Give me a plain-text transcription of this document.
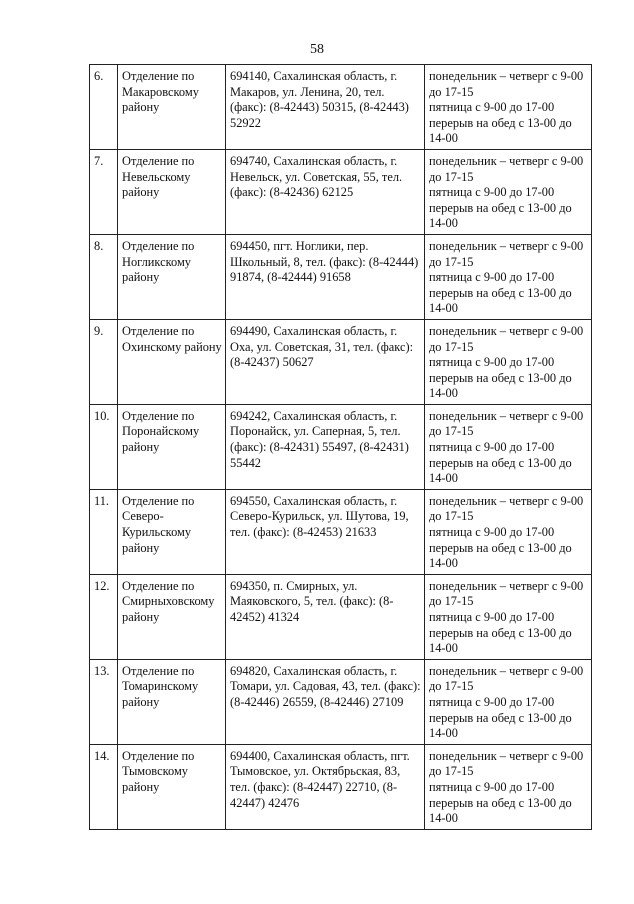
58
6.	Отделение по Макаровскому району	694140, Сахалинская область, г. Макаров, ул. Ленина, 20, тел. (факс): (8-42443) 50315, (8-42443) 52922	понедельник – четверг с 9-00 до 17-15
пятница с 9-00 до 17-00
перерыв на обед с 13-00 до 14-00

7.	Отделение по Невельскому району	694740, Сахалинская область, г. Невельск, ул. Советская, 55, тел. (факс): (8-42436) 62125	понедельник – четверг с 9-00 до 17-15
пятница с 9-00 до 17-00
перерыв на обед с 13-00 до 14-00

8.	Отделение по Ногликскому району	694450, пгт. Ноглики, пер. Школьный, 8, тел. (факс): (8-42444) 91874, (8-42444) 91658	понедельник – четверг с 9-00 до 17-15
пятница с 9-00 до 17-00
перерыв на обед с 13-00 до 14-00

9.	Отделение по Охинскому району	694490, Сахалинская область, г. Оха, ул. Советская, 31, тел. (факс): (8-42437) 50627	понедельник – четверг с 9-00 до 17-15
пятница с 9-00 до 17-00
перерыв на обед с 13-00 до 14-00

10.	Отделение по Поронайскому району	694242, Сахалинская область, г. Поронайск, ул. Саперная, 5, тел. (факс): (8-42431) 55497, (8-42431) 55442	понедельник – четверг с 9-00 до 17-15
пятница с 9-00 до 17-00
перерыв на обед с 13-00 до 14-00

11.	Отделение по Северо-Курильскому району	694550, Сахалинская область, г. Северо-Курильск, ул. Шутова, 19, тел. (факс): (8-42453) 21633	понедельник – четверг с 9-00 до 17-15
пятница с 9-00 до 17-00
перерыв на обед с 13-00 до 14-00

12.	Отделение по Смирныховскому району	694350, п. Смирных, ул. Маяковского, 5, тел. (факс): (8-42452) 41324	понедельник – четверг с 9-00 до 17-15
пятница с 9-00 до 17-00
перерыв на обед с 13-00 до 14-00

13.	Отделение по Томаринскому району	694820, Сахалинская область, г. Томари, ул. Садовая, 43, тел. (факс): (8-42446) 26559, (8-42446) 27109	понедельник – четверг с 9-00 до 17-15
пятница с 9-00 до 17-00
перерыв на обед с 13-00 до 14-00

14.	Отделение по Тымовскому району	694400, Сахалинская область, пгт. Тымовское, ул. Октябрьская, 83, тел. (факс): (8-42447) 22710, (8-42447) 42476	понедельник – четверг с 9-00 до 17-15
пятница с 9-00 до 17-00
перерыв на обед с 13-00 до 14-00
